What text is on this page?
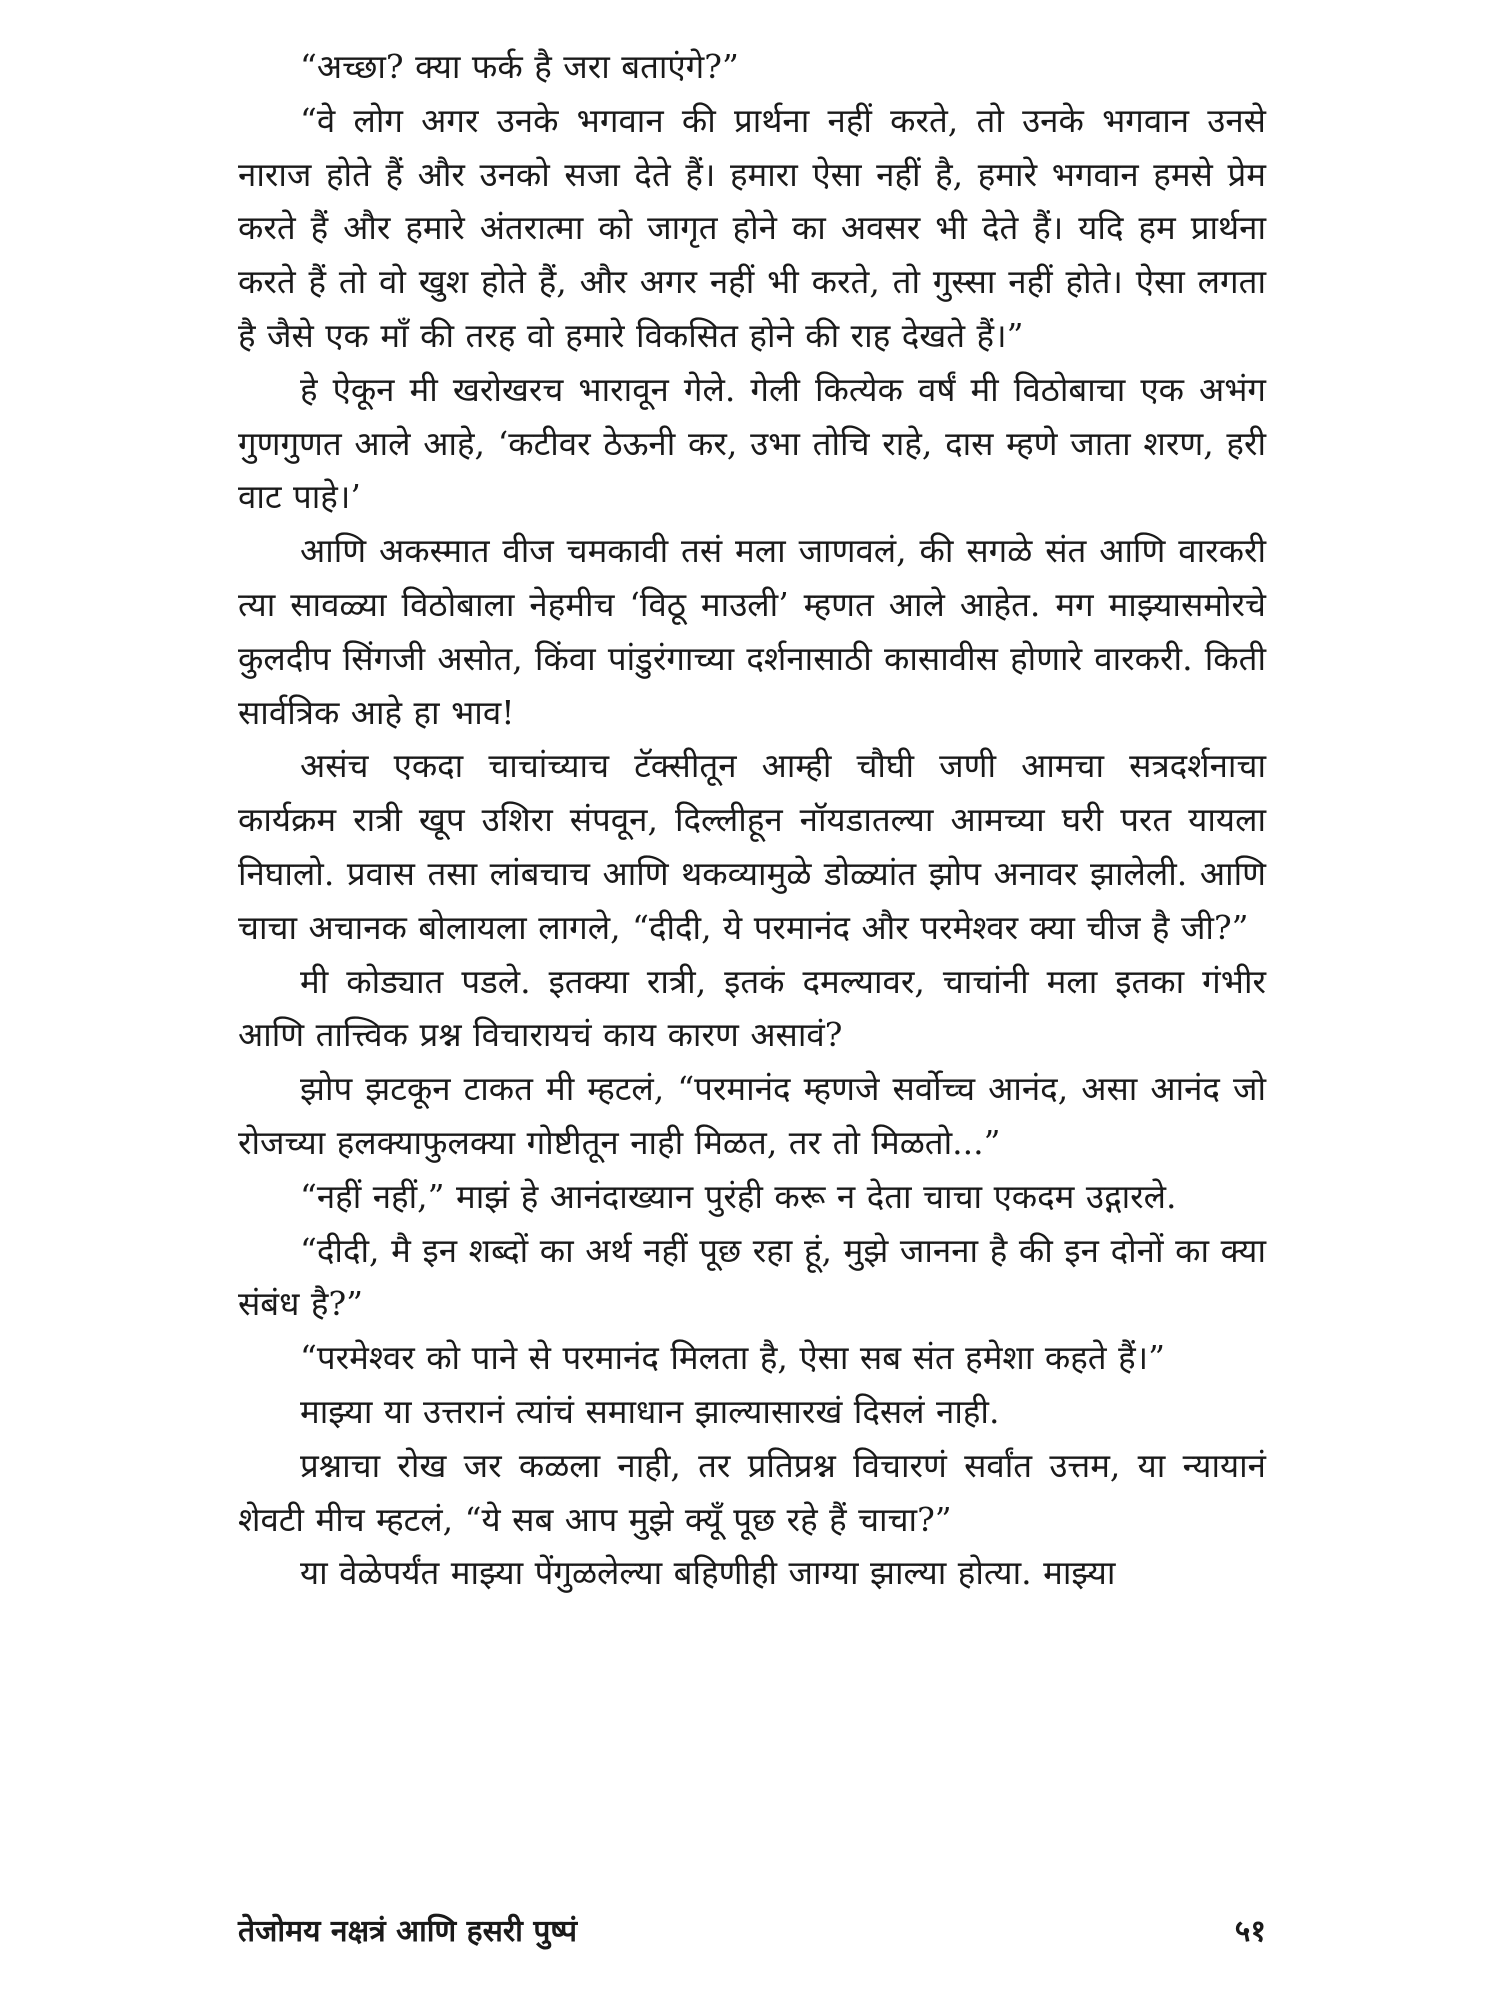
“अच्छा? क्या फर्क है जरा बताएंगे?”

“वे लोग अगर उनके भगवान की प्रार्थना नहीं करते, तो उनके भगवान उनसे नाराज होते हैं और उनको सजा देते हैं। हमारा ऐसा नहीं है, हमारे भगवान हमसे प्रेम करते हैं और हमारे अंतरात्मा को जागृत होने का अवसर भी देते हैं। यदि हम प्रार्थना करते हैं तो वो खुश होते हैं, और अगर नहीं भी करते, तो गुस्सा नहीं होते। ऐसा लगता है जैसे एक माँ की तरह वो हमारे विकसित होने की राह देखते हैं।”

हे ऐकून मी खरोखरच भारावून गेले. गेली कित्येक वर्षं मी विठोबाचा एक अभंग गुणगुणत आले आहे, ‘कटीवर ठेऊनी कर, उभा तोचि राहे, दास म्हणे जाता शरण, हरी वाट पाहे।’

आणि अकस्मात वीज चमकावी तसं मला जाणवलं, की सगळे संत आणि वारकरी त्या सावळ्या विठोबाला नेहमीच ‘विठू माउली’ म्हणत आले आहेत. मग माझ्यासमोरचे कुलदीप सिंगजी असोत, किंवा पांडुरंगाच्या दर्शनासाठी कासावीस होणारे वारकरी. किती सार्वत्रिक आहे हा भाव!

असंच एकदा चाचांच्याच टॅक्सीतून आम्ही चौघी जणी आमचा सत्रदर्शनाचा कार्यक्रम रात्री खूप उशिरा संपवून, दिल्लीहून नॉयडातल्या आमच्या घरी परत यायला निघालो. प्रवास तसा लांबचाच आणि थकव्यामुळे डोळ्यांत झोप अनावर झालेली. आणि चाचा अचानक बोलायला लागले, “दीदी, ये परमानंद और परमेश्वर क्या चीज है जी?”

मी कोड्यात पडले. इतक्या रात्री, इतकं दमल्यावर, चाचांनी मला इतका गंभीर आणि तात्त्विक प्रश्न विचारायचं काय कारण असावं?

झोप झटकून टाकत मी म्हटलं, “परमानंद म्हणजे सर्वोच्च आनंद, असा आनंद जो रोजच्या हलक्याफुलक्या गोष्टीतून नाही मिळत, तर तो मिळतो...”

“नहीं नहीं,” माझं हे आनंदाख्यान पुरंही करू न देता चाचा एकदम उद्गारले.

“दीदी, मै इन शब्दों का अर्थ नहीं पूछ रहा हूं, मुझे जानना है की इन दोनों का क्या संबंध है?”

“परमेश्वर को पाने से परमानंद मिलता है, ऐसा सब संत हमेशा कहते हैं।”

माझ्या या उत्तरानं त्यांचं समाधान झाल्यासारखं दिसलं नाही.

प्रश्नाचा रोख जर कळला नाही, तर प्रतिप्रश्न विचारणं सर्वांत उत्तम, या न्यायानं शेवटी मीच म्हटलं, “ये सब आप मुझे क्यूँ पूछ रहे हैं चाचा?”

या वेळेपर्यंत माझ्या पेंगुळलेल्या बहिणीही जाग्या झाल्या होत्या. माझ्या

तेजोमय नक्षत्रं आणि हसरी पुष्पं	५१
